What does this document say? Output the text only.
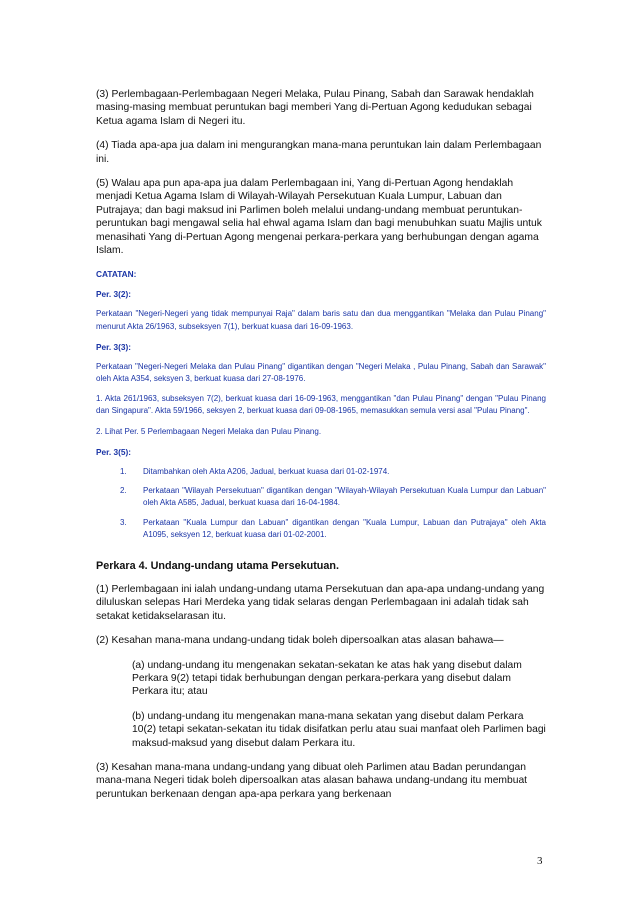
(3) Perlembagaan-Perlembagaan Negeri Melaka, Pulau Pinang, Sabah dan Sarawak hendaklah masing-masing membuat peruntukan bagi memberi Yang di-Pertuan Agong kedudukan sebagai Ketua agama Islam di Negeri itu.

(4) Tiada apa-apa jua dalam ini mengurangkan mana-mana peruntukan lain dalam Perlembagaan ini.

(5) Walau apa pun apa-apa jua dalam Perlembagaan ini, Yang di-Pertuan Agong hendaklah menjadi Ketua Agama Islam di Wilayah-Wilayah Persekutuan Kuala Lumpur, Labuan dan Putrajaya; dan bagi maksud ini Parlimen boleh melalui undang-undang membuat peruntukan-peruntukan bagi mengawal selia hal ehwal agama Islam dan bagi menubuhkan suatu Majlis untuk menasihati Yang di-Pertuan Agong mengenai perkara-perkara yang berhubungan dengan agama Islam.

CATATAN:

Per. 3(2):

Perkataan "Negeri-Negeri yang tidak mempunyai Raja" dalam baris satu dan dua menggantikan "Melaka dan Pulau Pinang" menurut Akta 26/1963, subseksyen 7(1), berkuat kuasa dari 16-09-1963.

Per. 3(3):

Perkataan "Negeri-Negeri Melaka dan Pulau Pinang" digantikan dengan "Negeri Melaka , Pulau Pinang, Sabah dan Sarawak" oleh Akta A354, seksyen 3, berkuat kuasa dari 27-08-1976.

1. Akta 261/1963, subseksyen 7(2), berkuat kuasa dari 16-09-1963, menggantikan "dan Pulau Pinang" dengan "Pulau Pinang dan Singapura". Akta 59/1966, seksyen 2, berkuat kuasa dari 09-08-1965, memasukkan semula versi asal "Pulau Pinang".

2. Lihat Per. 5 Perlembagaan Negeri Melaka dan Pulau Pinang.

Per. 3(5):

1.	Ditambahkan oleh Akta A206, Jadual, berkuat kuasa dari 01-02-1974.
2.	Perkataan "Wilayah Persekutuan" digantikan dengan "Wilayah-Wilayah Persekutuan Kuala Lumpur dan Labuan" oleh Akta A585, Jadual, berkuat kuasa dari 16-04-1984.
3.	Perkataan "Kuala Lumpur dan Labuan" digantikan dengan "Kuala Lumpur, Labuan dan Putrajaya" oleh Akta A1095, seksyen 12, berkuat kuasa dari 01-02-2001.

Perkara 4. Undang-undang utama Persekutuan.

(1) Perlembagaan ini ialah undang-undang utama Persekutuan dan apa-apa undang-undang yang diluluskan selepas Hari Merdeka yang tidak selaras dengan Perlembagaan ini adalah tidak sah setakat ketidakselarasan itu.

(2) Kesahan mana-mana undang-undang tidak boleh dipersoalkan atas alasan bahawa—

(a) undang-undang itu mengenakan sekatan-sekatan ke atas hak yang disebut dalam Perkara 9(2) tetapi tidak berhubungan dengan perkara-perkara yang disebut dalam Perkara itu; atau

(b) undang-undang itu mengenakan mana-mana sekatan yang disebut dalam Perkara 10(2) tetapi sekatan-sekatan itu tidak disifatkan perlu atau suai manfaat oleh Parlimen bagi maksud-maksud yang disebut dalam Perkara itu.

(3) Kesahan mana-mana undang-undang yang dibuat oleh Parlimen atau Badan perundangan mana-mana Negeri tidak boleh dipersoalkan atas alasan bahawa undang-undang itu membuat peruntukan berkenaan dengan apa-apa perkara yang berkenaan

3
